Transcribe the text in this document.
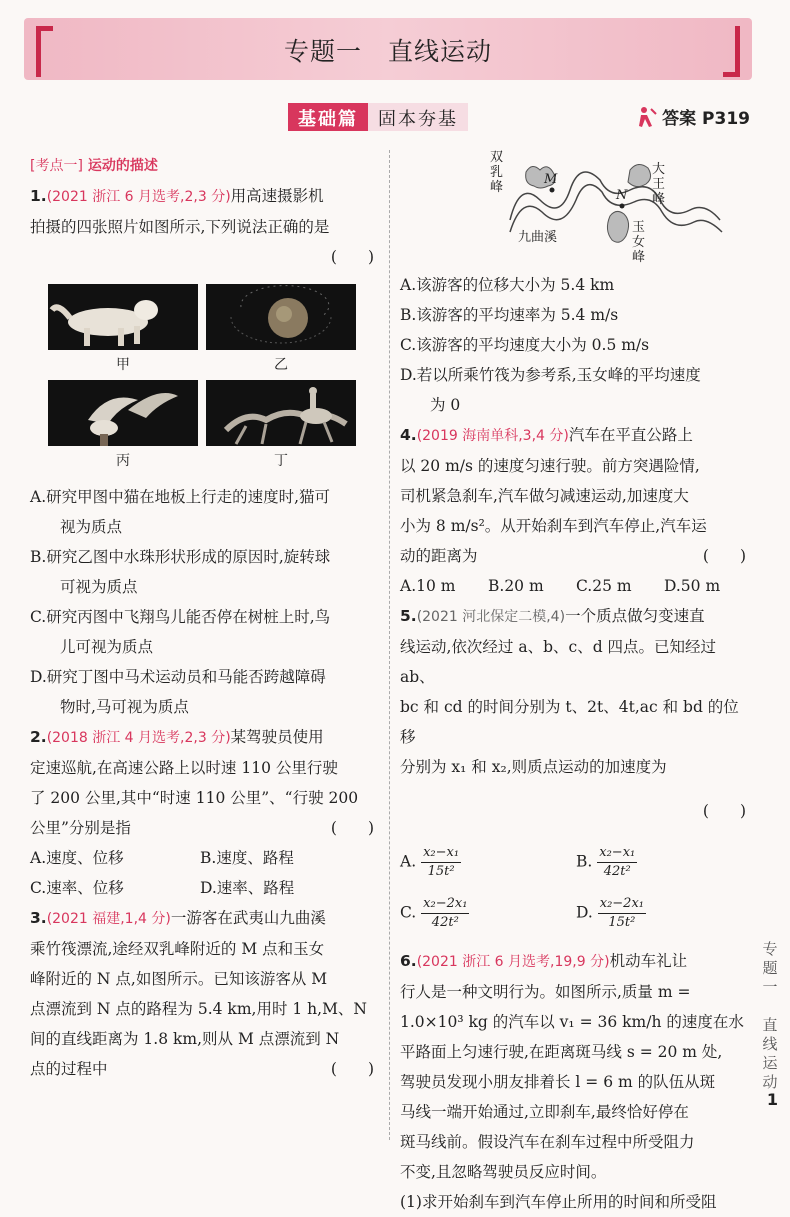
专题一　直线运动
基础篇	固本夯基	答案 P319
[考点一] 运动的描述
1.(2021 浙江 6 月选考,2,3 分)用高速摄影机
拍摄的四张照片如图所示,下列说法正确的是
(　　)
甲	乙
丙	丁
A.研究甲图中猫在地板上行走的速度时,猫可
视为质点
B.研究乙图中水珠形状形成的原因时,旋转球
可视为质点
C.研究丙图中飞翔鸟儿能否停在树桩上时,鸟
儿可视为质点
D.研究丁图中马术运动员和马能否跨越障碍
物时,马可视为质点
2.(2018 浙江 4 月选考,2,3 分)某驾驶员使用
定速巡航,在高速公路上以时速 110 公里行驶
了 200 公里,其中“时速 110 公里”、“行驶 200
公里”分别是指	(　　)
A.速度、位移	B.速度、路程
C.速率、位移	D.速率、路程
3.(2021 福建,1,4 分)一游客在武夷山九曲溪
乘竹筏漂流,途经双乳峰附近的 M 点和玉女
峰附近的 N 点,如图所示。已知该游客从 M
点漂流到 N 点的路程为 5.4 km,用时 1 h,M、N
间的直线距离为 1.8 km,则从 M 点漂流到 N
点的过程中	(　　)
双
乳
峰
大
王
峰
玉
女
峰
九曲溪
M
N
A.该游客的位移大小为 5.4 km
B.该游客的平均速率为 5.4 m/s
C.该游客的平均速度大小为 0.5 m/s
D.若以所乘竹筏为参考系,玉女峰的平均速度
为 0
4.(2019 海南单科,3,4 分)汽车在平直公路上
以 20 m/s 的速度匀速行驶。前方突遇险情,
司机紧急刹车,汽车做匀减速运动,加速度大
小为 8 m/s²。从开始刹车到汽车停止,汽车运
动的距离为	(　　)
A.10 m	B.20 m	C.25 m	D.50 m
5.(2021 河北保定二模,4)一个质点做匀变速直
线运动,依次经过 a、b、c、d 四点。已知经过 ab、
bc 和 cd 的时间分别为 t、2t、4t,ac 和 bd 的位移
分别为 x₁ 和 x₂,则质点运动的加速度为
(　　)
A. $\frac{\text{x₂−x₁}}{\text{15t²}}$	B. $\frac{\text{x₂−x₁}}{\text{42t²}}$
C. $\frac{\text{x₂−2x₁}}{\text{42t²}}$	D. $\frac{\text{x₂−2x₁}}{\text{15t²}}$
6.(2021 浙江 6 月选考,19,9 分)机动车礼让
行人是一种文明行为。如图所示,质量 m =
1.0×10³ kg 的汽车以 v₁ = 36 km/h 的速度在水
平路面上匀速行驶,在距离斑马线 s = 20 m 处,
驾驶员发现小朋友排着长 l = 6 m 的队伍从斑
马线一端开始通过,立即刹车,最终恰好停在
斑马线前。假设汽车在刹车过程中所受阻力
不变,且忽略驾驶员反应时间。
(1)求开始刹车到汽车停止所用的时间和所受阻
专
题
一

直
线
运
动
1
